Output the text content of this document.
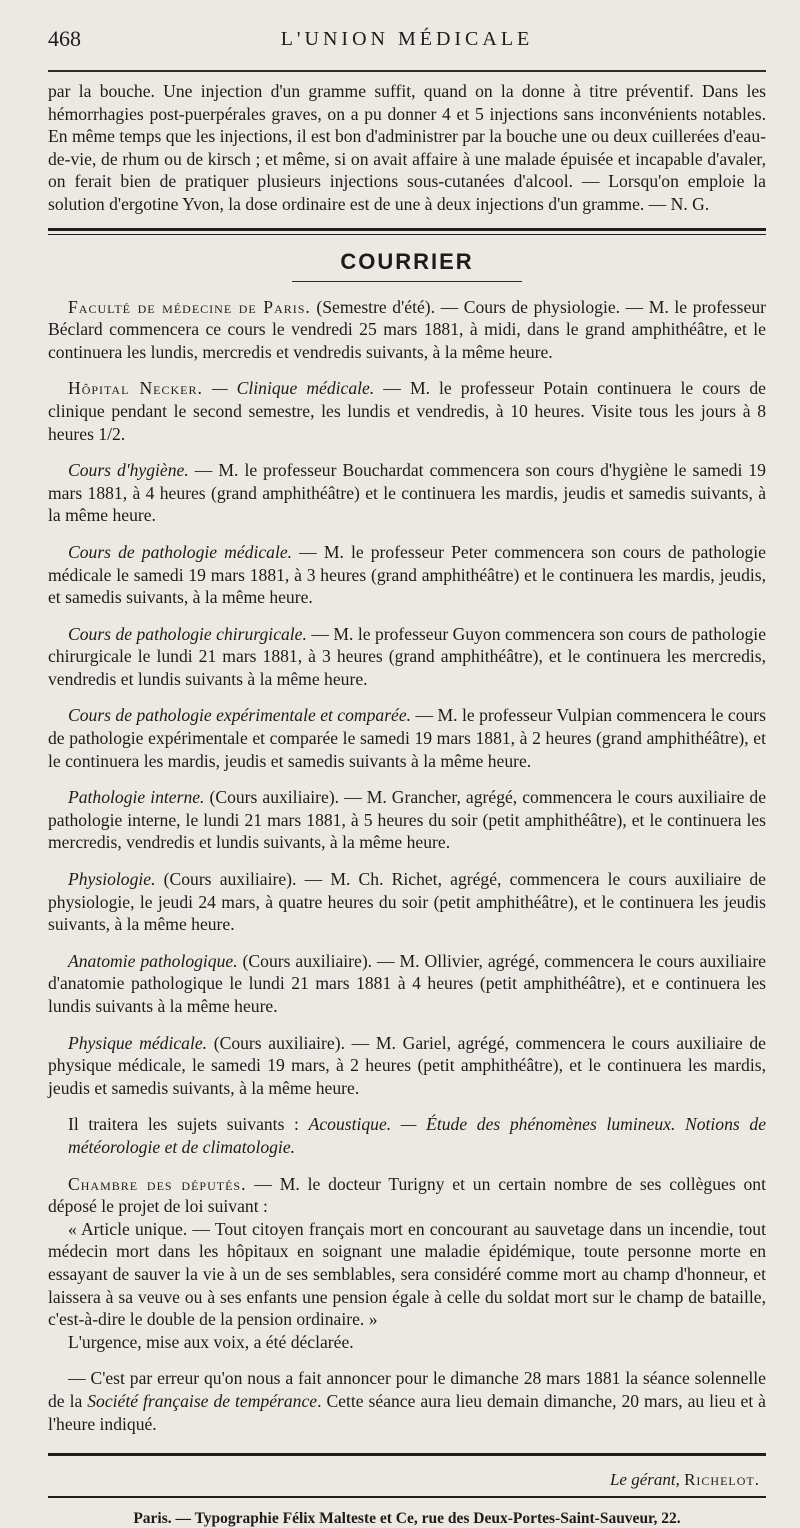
468	L'UNION MÉDICALE

par la bouche. Une injection d'un gramme suffit, quand on la donne à titre préventif. Dans les hémorrhagies post-puerpérales graves, on a pu donner 4 et 5 injections sans inconvénients notables. En même temps que les injections, il est bon d'administrer par la bouche une ou deux cuillerées d'eau-de-vie, de rhum ou de kirsch ; et même, si on avait affaire à une malade épuisée et incapable d'avaler, on ferait bien de pratiquer plusieurs injections sous-cutanées d'alcool. — Lorsqu'on emploie la solution d'ergotine Yvon, la dose ordinaire est de une à deux injections d'un gramme. — N. G.

COURRIER

Faculté de médecine de Paris. (Semestre d'été). — Cours de physiologie. — M. le professeur Béclard commencera ce cours le vendredi 25 mars 1881, à midi, dans le grand amphithéâtre, et le continuera les lundis, mercredis et vendredis suivants, à la même heure.

Hôpital Necker. — Clinique médicale. — M. le professeur Potain continuera le cours de clinique pendant le second semestre, les lundis et vendredis, à 10 heures. Visite tous les jours à 8 heures 1/2.

Cours d'hygiène. — M. le professeur Bouchardat commencera son cours d'hygiène le samedi 19 mars 1881, à 4 heures (grand amphithéâtre) et le continuera les mardis, jeudis et samedis suivants, à la même heure.

Cours de pathologie médicale. — M. le professeur Peter commencera son cours de pathologie médicale le samedi 19 mars 1881, à 3 heures (grand amphithéâtre) et le continuera les mardis, jeudis, et samedis suivants, à la même heure.

Cours de pathologie chirurgicale. — M. le professeur Guyon commencera son cours de pathologie chirurgicale le lundi 21 mars 1881, à 3 heures (grand amphithéâtre), et le continuera les mercredis, vendredis et lundis suivants à la même heure.

Cours de pathologie expérimentale et comparée. — M. le professeur Vulpian commencera le cours de pathologie expérimentale et comparée le samedi 19 mars 1881, à 2 heures (grand amphithéâtre), et le continuera les mardis, jeudis et samedis suivants à la même heure.

Pathologie interne. (Cours auxiliaire). — M. Grancher, agrégé, commencera le cours auxiliaire de pathologie interne, le lundi 21 mars 1881, à 5 heures du soir (petit amphithéâtre), et le continuera les mercredis, vendredis et lundis suivants, à la même heure.

Physiologie. (Cours auxiliaire). — M. Ch. Richet, agrégé, commencera le cours auxiliaire de physiologie, le jeudi 24 mars, à quatre heures du soir (petit amphithéâtre), et le continuera les jeudis suivants, à la même heure.

Anatomie pathologique. (Cours auxiliaire). — M. Ollivier, agrégé, commencera le cours auxiliaire d'anatomie pathologique le lundi 21 mars 1881 à 4 heures (petit amphithéâtre), et e continuera les lundis suivants à la même heure.

Physique médicale. (Cours auxiliaire). — M. Gariel, agrégé, commencera le cours auxiliaire de physique médicale, le samedi 19 mars, à 2 heures (petit amphithéâtre), et le continuera les mardis, jeudis et samedis suivants, à la même heure.

Il traitera les sujets suivants : Acoustique. — Étude des phénomènes lumineux. Notions de météorologie et de climatologie.

Chambre des députés. — M. le docteur Turigny et un certain nombre de ses collègues ont déposé le projet de loi suivant :

« Article unique. — Tout citoyen français mort en concourant au sauvetage dans un incendie, tout médecin mort dans les hôpitaux en soignant une maladie épidémique, toute personne morte en essayant de sauver la vie à un de ses semblables, sera considéré comme mort au champ d'honneur, et laissera à sa veuve ou à ses enfants une pension égale à celle du soldat mort sur le champ de bataille, c'est-à-dire le double de la pension ordinaire. »

L'urgence, mise aux voix, a été déclarée.

— C'est par erreur qu'on nous a fait annoncer pour le dimanche 28 mars 1881 la séance solennelle de la Société française de tempérance. Cette séance aura lieu demain dimanche, 20 mars, au lieu et à l'heure indiqué.

Le gérant, Richelot.
Paris. — Typographie Félix Malteste et Ce, rue des Deux-Portes-Saint-Sauveur, 22.
